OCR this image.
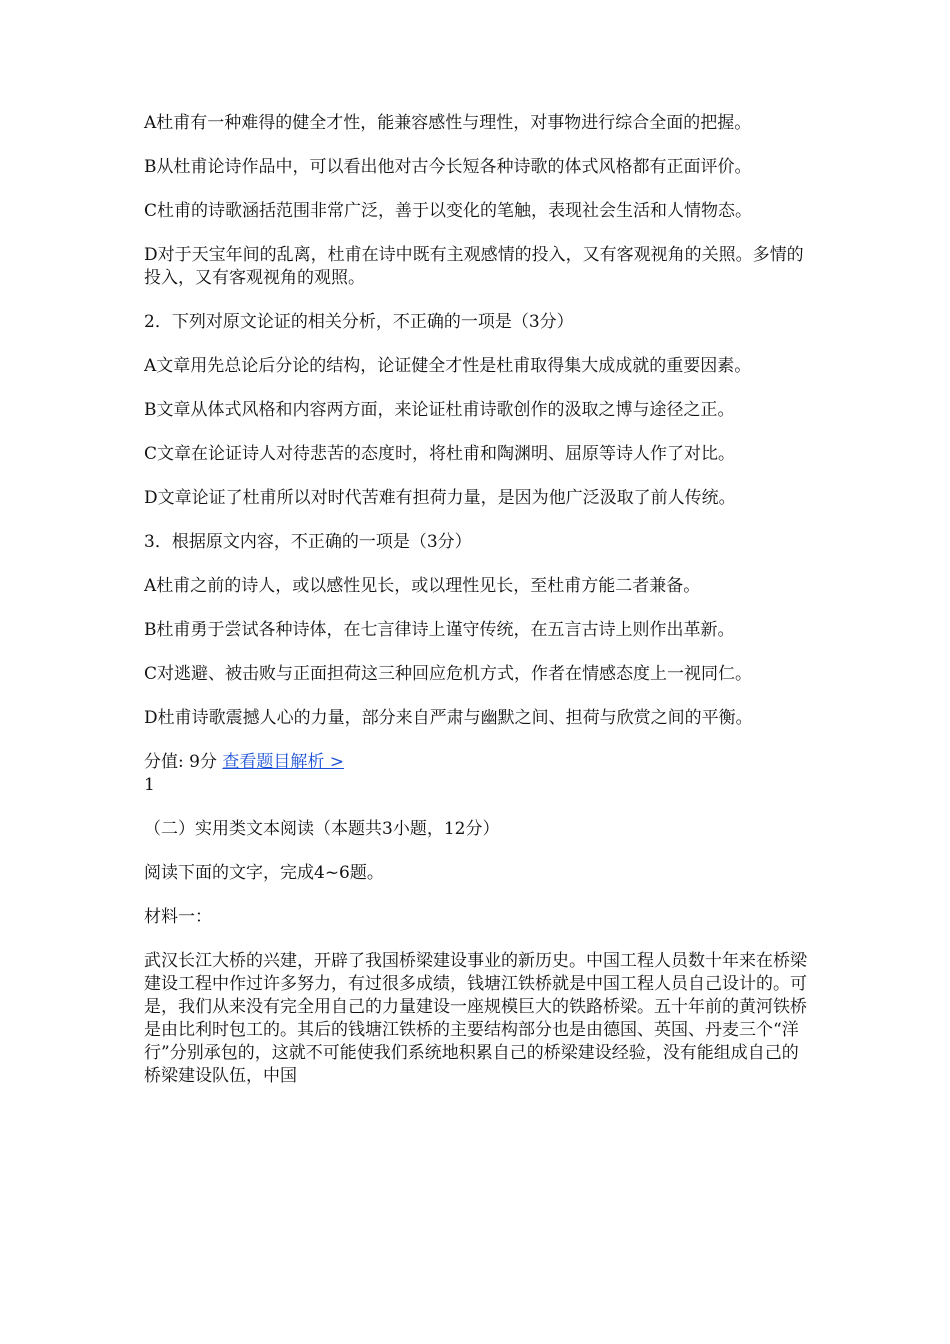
A杜甫有一种难得的健全才性，能兼容感性与理性，对事物进行综合全面的把握。

B从杜甫论诗作品中，可以看出他对古今长短各种诗歌的体式风格都有正面评价。

C杜甫的诗歌涵括范围非常广泛，善于以变化的笔触，表现社会生活和人情物态。

D对于天宝年间的乱离，杜甫在诗中既有主观感情的投入，又有客观视角的关照。多情的投入，又有客观视角的观照。

2．下列对原文论证的相关分析，不正确的一项是（3分）

A文章用先总论后分论的结构，论证健全才性是杜甫取得集大成成就的重要因素。

B文章从体式风格和内容两方面，来论证杜甫诗歌创作的汲取之博与途径之正。

C文章在论证诗人对待悲苦的态度时，将杜甫和陶渊明、屈原等诗人作了对比。

D文章论证了杜甫所以对时代苦难有担荷力量，是因为他广泛汲取了前人传统。

3．根据原文内容，不正确的一项是（3分）

A杜甫之前的诗人，或以感性见长，或以理性见长，至杜甫方能二者兼备。

B杜甫勇于尝试各种诗体，在七言律诗上谨守传统，在五言古诗上则作出革新。

C对逃避、被击败与正面担荷这三种回应危机方式，作者在情感态度上一视同仁。

D杜甫诗歌震撼人心的力量，部分来自严肃与幽默之间、担荷与欣赏之间的平衡。

分值: 9分 查看题目解析 >

1

（二）实用类文本阅读（本题共3小题，12分）

阅读下面的文字，完成4~6题。

材料一：

武汉长江大桥的兴建，开辟了我国桥梁建设事业的新历史。中国工程人员数十年来在桥梁建设工程中作过许多努力，有过很多成绩，钱塘江铁桥就是中国工程人员自己设计的。可是，我们从来没有完全用自己的力量建设一座规模巨大的铁路桥梁。五十年前的黄河铁桥是由比利时包工的。其后的钱塘江铁桥的主要结构部分也是由德国、英国、丹麦三个“洋行”分别承包的，这就不可能使我们系统地积累自己的桥梁建设经验，没有能组成自己的桥梁建设队伍，中国
